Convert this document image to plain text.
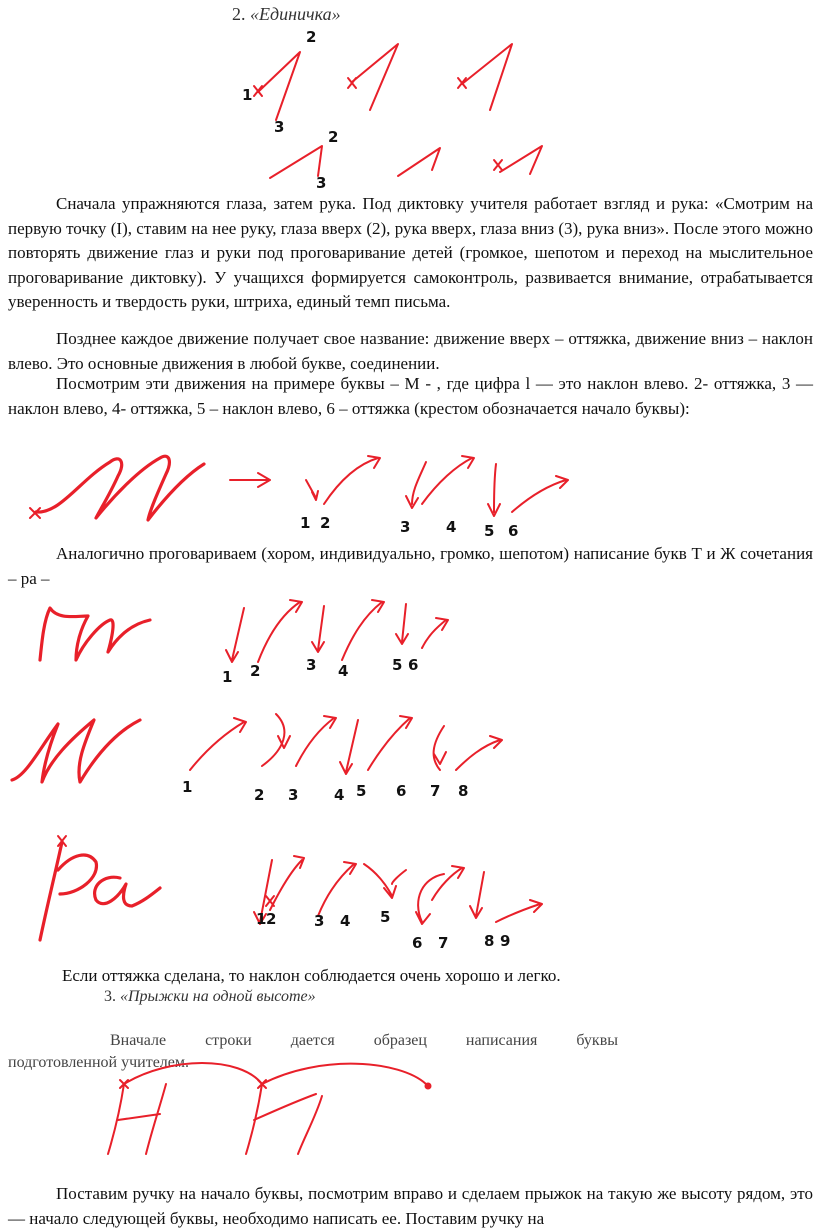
2. «Единичка»
1
2
3
2
3
Сначала упражняются глаза, затем рука. Под диктовку учителя работает взгляд и рука: «Смотрим на первую точку (I), ставим на нее руку, глаза вверх (2), рука вверх, глаза вниз (3), рука вниз». После этого можно повторять движение глаз и руки под проговаривание детей (громкое, шепотом и переход на мыслительное проговаривание диктовку). У учащихся формируется самоконтроль, развивается внимание, отрабатывается уверенность и твердость руки, штриха, единый темп письма.
Позднее каждое движение получает свое название: движение вверх – оттяжка, движение вниз – наклон влево. Это основные движения в любой букве, соединении.
Посмотрим эти движения на примере буквы – М - , где цифра l — это наклон влево. 2- оттяжка, 3 — наклон влево, 4- оттяжка, 5 – наклон влево, 6 – оттяжка (крестом обозначается начало буквы):
1 2	3 4 5 6
Аналогично проговариваем (хором, индивидуально, громко, шепотом) написание букв Т и Ж сочетания – ра –
1 2	3 4	5 6
1	2 3 4 5 6 7 8
1 2	3 4 5
6 7 8 9
Если оттяжка сделана, то наклон соблюдается очень хорошо и легко.
3. «Прыжки на одной высоте»
Вначале строки дается образец написания буквы
подготовленной учителем.
Поставим ручку на начало буквы, посмотрим вправо и сделаем прыжок на такую же высоту рядом, это — начало следующей буквы, необходимо написать ее. Поставим ручку на
